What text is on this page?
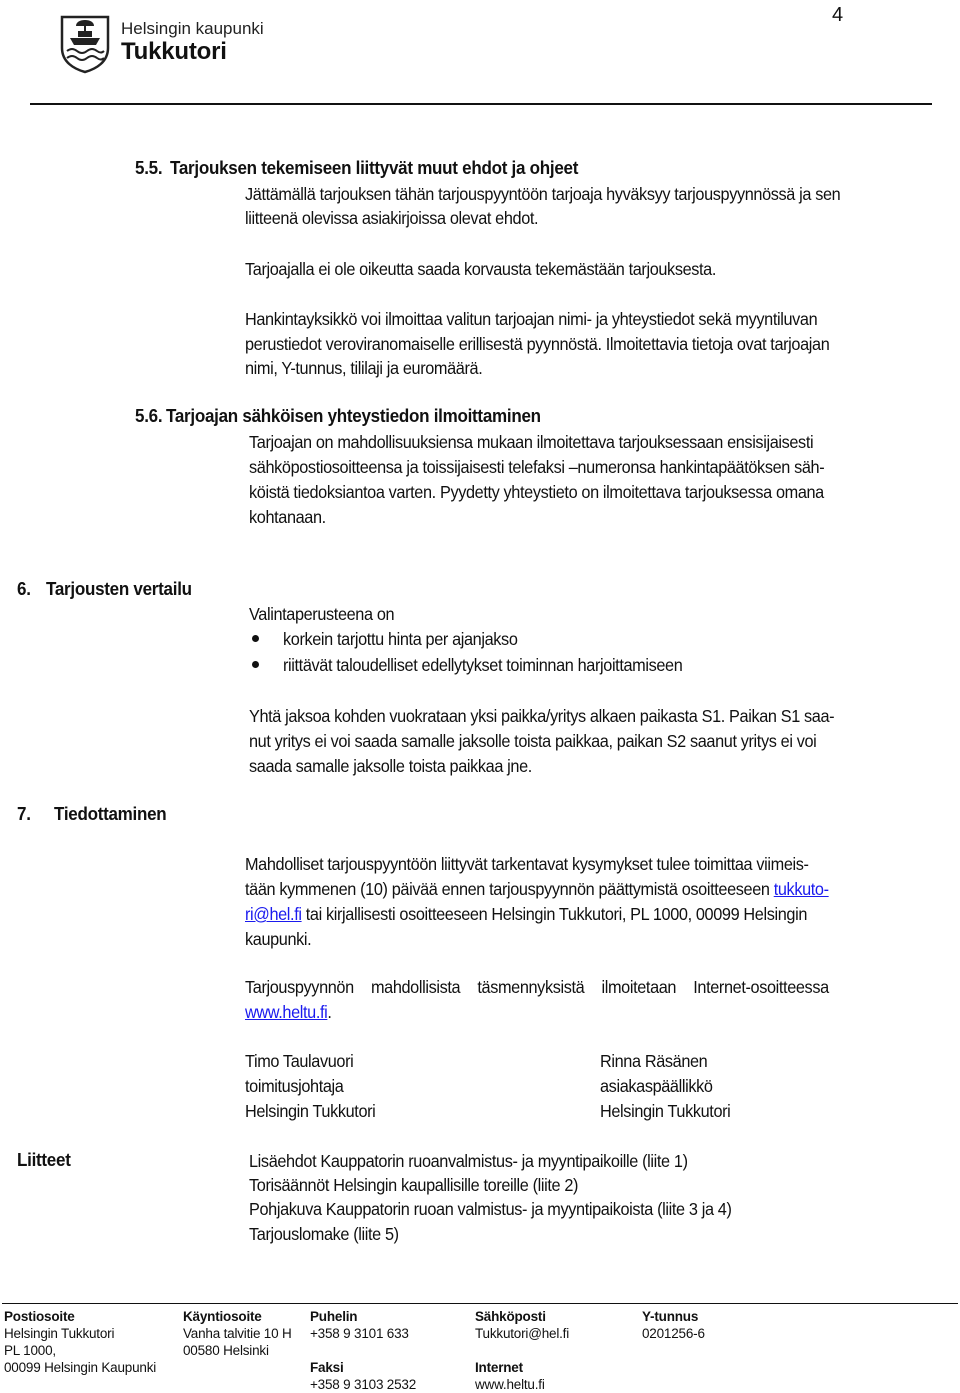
4
Helsingin kaupunki
Tukkutori
5.5. Tarjouksen tekemiseen liittyvät muut ehdot ja ohjeet
Jättämällä tarjouksen tähän tarjouspyyntöön tarjoaja hyväksyy tarjouspyynnössä ja sen
liitteenä olevissa asiakirjoissa olevat ehdot.
Tarjoajalla ei ole oikeutta saada korvausta tekemästään tarjouksesta.
Hankintayksikkö voi ilmoittaa valitun tarjoajan nimi- ja yhteystiedot sekä myyntiluvan
perustiedot veroviranomaiselle erillisestä pyynnöstä. Ilmoitettavia tietoja ovat tarjoajan
nimi, Y-tunnus, tililaji ja euromäärä.
5.6. Tarjoajan sähköisen yhteystiedon ilmoittaminen
Tarjoajan on mahdollisuuksiensa mukaan ilmoitettava tarjouksessaan ensisijaisesti
sähköpostiosoitteensa ja toissijaisesti telefaksi –numeronsa hankintapäätöksen säh-
köistä tiedoksiantoa varten. Pyydetty yhteystieto on ilmoitettava tarjouksessa omana
kohtanaan.
6. Tarjousten vertailu
Valintaperusteena on
korkein tarjottu hinta per ajanjakso
riittävät taloudelliset edellytykset toiminnan harjoittamiseen
Yhtä jaksoa kohden vuokrataan yksi paikka/yritys alkaen paikasta S1. Paikan S1 saa-
nut yritys ei voi saada samalle jaksolle toista paikkaa, paikan S2 saanut yritys ei voi
saada samalle jaksolle toista paikkaa jne.
7. Tiedottaminen
Mahdolliset tarjouspyyntöön liittyvät tarkentavat kysymykset tulee toimittaa viimeis-
tään kymmenen (10) päivää ennen tarjouspyynnön päättymistä osoitteeseen tukkuto-
ri@hel.fi tai kirjallisesti osoitteeseen Helsingin Tukkutori, PL 1000, 00099 Helsingin
kaupunki.
Tarjouspyynnön mahdollisista täsmennyksistä ilmoitetaan Internet-osoitteessa
www.heltu.fi.
Timo Taulavuori
toimitusjohtaja
Helsingin Tukkutori
Rinna Räsänen
asiakaspäällikkö
Helsingin Tukkutori
Liitteet	Lisäehdot Kauppatorin ruoanvalmistus- ja myyntipaikoille (liite 1)
Torisäännöt Helsingin kaupallisille toreille (liite 2)
Pohjakuva Kauppatorin ruoan valmistus- ja myyntipaikoista (liite 3 ja 4)
Tarjouslomake (liite 5)
Postiosoite
Helsingin Tukkutori
PL 1000,
00099 Helsingin Kaupunki
Käyntiosoite
Vanha talvitie 10 H
00580 Helsinki
Puhelin
+358 9 3101 633

Faksi
+358 9 3103 2532
Sähköposti
Tukkutori@hel.fi

Internet
www.heltu.fi
Y-tunnus
0201256-6
